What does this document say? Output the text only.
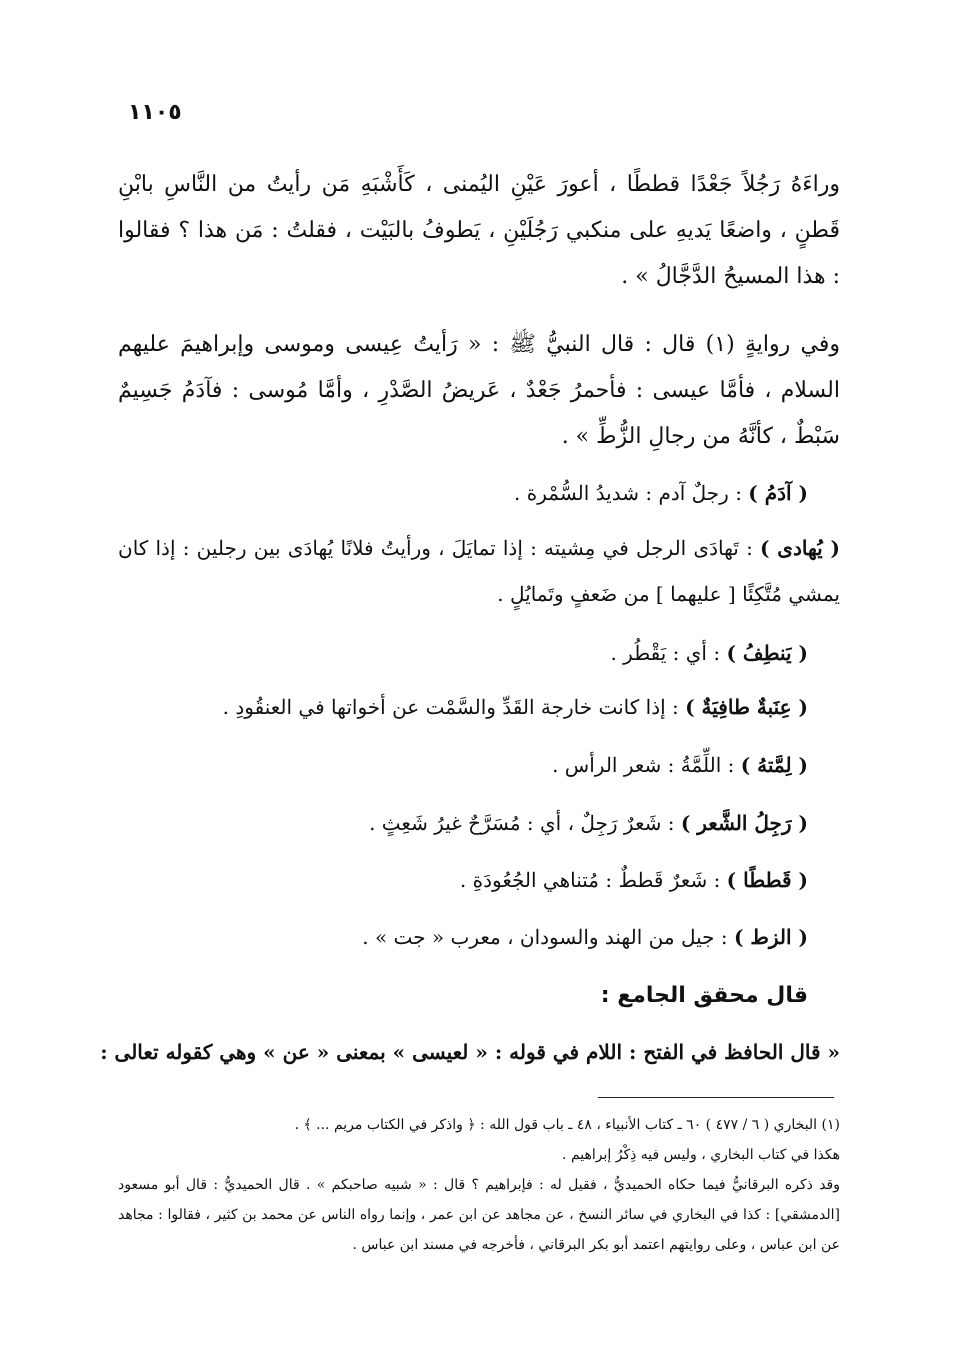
١١٠٥

وراءَهُ رَجُلاً جَعْدًا قططًا ، أعورَ عَيْنِ اليُمنى ، كَأَشْبَهِ مَن رأيتُ من النَّاسِ بابْنِ قَطنٍ ، واضعًا يَديهِ على منكبي رَجُلَيْنِ ، يَطوفُ بالبَيْت ، فقلتُ : مَن هذا ؟ فقالوا : هذا المسيحُ الدَّجَّالُ » .

وفي روايةٍ (١) قال : قال النبيُّ ﷺ : « رَأيتُ عِيسى وموسى وإبراهيمَ عليهم السلام ، فأمَّا عيسى : فأحمرُ جَعْدٌ ، عَريضُ الصَّدْرِ ، وأمَّا مُوسى : فآدَمُ جَسِيمٌ سَبْطٌ ، كأنَّهُ من رجالِ الزُّطِّ » .

( آدَمُ ) : رجلٌ آدم : شديدُ السُّمْرة .
( يُهادى ) : تَهادَى الرجل في مِشيته : إذا تمايَلَ ، ورأيتُ فلانًا يُهادَى بين رجلين : إذا كان يمشي مُتَّكِئًا [ عليهما ] من ضَعفٍ وتَمايُلٍ .
( يَنطِفُ ) : أي : يَقْطُر .
( عِنَبةٌ طافِيَةٌ ) : إذا كانت خارجة القَدِّ والسَّمْت عن أخواتها في العنقُودِ .
( لِمَّتهُ ) : اللِّمَّةُ : شعر الرأس .
( رَجِلُ الشَّعر ) : شَعرٌ رَجِلٌ ، أي : مُسَرَّحٌ غيرُ شَعِثٍ .
( قَططًا ) : شَعرٌ قَططٌ : مُتناهي الجُعُودَةِ .
( الزط ) : جيل من الهند والسودان ، معرب « جت » .
قال محقق الجامع :
« قال الحافظ في الفتح : اللام في قوله : « لعيسى » بمعنى « عن » وهي كقوله تعالى :

(١) البخاري ( ٦ / ٤٧٧ ) ٦٠ ـ كتاب الأنبياء ، ٤٨ ـ باب قول الله : ﴿ واذكر في الكتاب مريم ... ﴾ .

هكذا في كتاب البخاري ، وليس فيه ذِكْرُ إبراهيم .

وقد ذكره البرقانيُّ فيما حكاه الحميديُّ ، فقيل له : فإبراهيم ؟ قال : « شبيه صاحبكم » . قال الحميديُّ : قال أبو مسعود [الدمشقي] : كذا في البخاري في سائر النسخ ، عن مجاهد عن ابن عمر ، وإنما رواه الناس عن محمد بن كثير ، فقالوا : مجاهد عن ابن عباس ، وعلى روايتهم اعتمد أبو بكر البرقاني ، فأخرجه في مسند ابن عباس .
